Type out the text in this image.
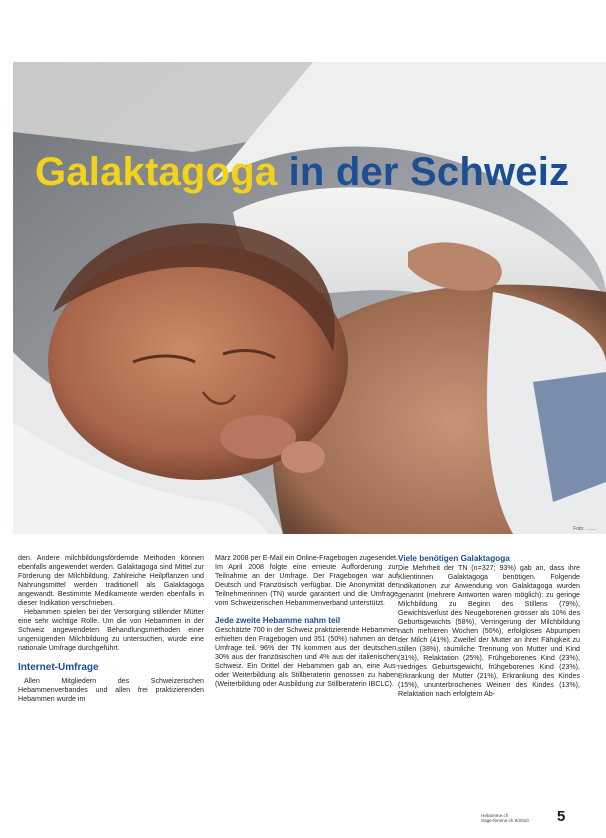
Galaktagoga in der Schweiz
Foto: ……

den. Andere milchbildungsfördernde Methoden können ebenfalls angewendet werden. Galaktagoga sind Mittel zur Förderung der Milchbildung. Zahlreiche Heilpflanzen und Nahrungsmittel werden traditionell als Galaktagoga angewandt. Bestimmte Medikamente werden ebenfalls in dieser Indikation verschrieben.

Hebammen spielen bei der Versorgung stillender Mütter eine sehr wichtige Rolle. Um die von Hebammen in der Schweiz angewendeten Behandlungsmethoden einer ungenügenden Milchbildung zu untersuchen, wurde eine nationale Umfrage durchgeführt.

Internet-Umfrage

Allen Mitgliedern des Schweizerischen Hebammenverbandes und allen frei praktizierenden Hebammen wurde im

März 2008 per E-Mail ein Online-Fragebogen zugesendet. Im April 2008 folgte eine erneute Aufforderung zur Teilnahme an der Umfrage. Der Fragebogen war auf Deutsch und Französisch verfügbar. Die Anonymität der Teilnehmerinnen (TN) wurde garantiert und die Umfrage vom Schweizerischen Hebammenverband unterstützt.

Jede zweite Hebamme nahm teil

Geschätzte 700 in der Schweiz praktizierende Hebammen erhielten den Fragebogen und 351 (50%) nahmen an der Umfrage teil. 96% der TN kommen aus der deutschen, 30% aus der französischen und 4% aus der italienischen Schweiz. Ein Drittel der Hebammen gab an, eine Aus- oder Weiterbildung als Stillberaterin genossen zu haben (Weiterbildung oder Ausbildung zur Stillberaterin IBCLC).

Viele benötigen Galaktagoga

Die Mehrheit der TN (n=327; 93%) gab an, dass ihre Klientinnen Galaktagoga benötigen. Folgende Indikationen zur Anwendung von Galaktagoga wurden genannt (mehrere Antworten waren möglich): zu geringe Milchbildung zu Beginn des Stillens (79%), Gewichtsverlust des Neugeborenen grösser als 10% des Geburtsgewichts (58%), Verringerung der Milchbildung nach mehreren Wochen (50%), erfolgloses Abpumpen der Milch (41%), Zweifel der Mutter an ihrer Fähigkeit zu stillen (38%), räumliche Trennung von Mutter und Kind (31%), Relaktation (25%), Frühgeborenes Kind (23%), niedriges Geburtsgewicht, frühgeborenes Kind (23%), Erkrankung der Mutter (21%), Erkrankung des Kindes (15%), ununterbrochenes Weinen des Kindes (13%), Relaktation nach erfolgtem Ab-

Hebamme.ch
Sage-femme.ch 9/2010 5
